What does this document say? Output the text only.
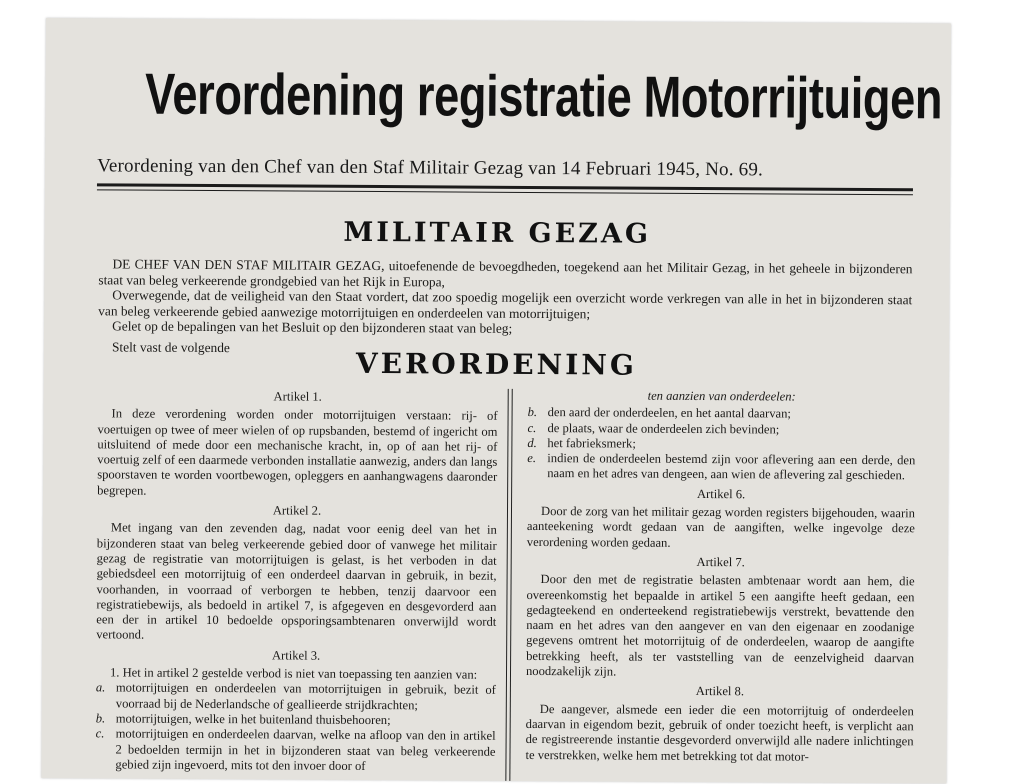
Verordening registratie Motorrijtuigen
Verordening van den Chef van den Staf Militair Gezag van 14 Februari 1945, No. 69.
MILITAIR GEZAG

DE CHEF VAN DEN STAF MILITAIR GEZAG, uitoefenende de bevoegdheden, toegekend aan het Militair Gezag, in het geheele in bijzonderen staat van beleg verkeerende grondgebied van het Rijk in Europa,

Overwegende, dat de veiligheid van den Staat vordert, dat zoo spoedig mogelijk een overzicht worde verkregen van alle in het in bijzonderen staat van beleg verkeerende gebied aanwezige motorrijtuigen en onderdeelen van motorrijtuigen;

Gelet op de bepalingen van het Besluit op den bijzonderen staat van beleg;

Stelt vast de volgende	VERORDENING
Artikel 1.

In deze verordening worden onder motorrijtuigen verstaan: rij- of voertuigen op twee of meer wielen of op rupsbanden, bestemd of ingericht om uitsluitend of mede door een mechanische kracht, in, op of aan het rij- of voertuig zelf of een daarmede verbonden installatie aanwezig, anders dan langs spoorstaven te worden voortbewogen, opleggers en aanhangwagens daaronder begrepen.

Artikel 2.

Met ingang van den zevenden dag, nadat voor eenig deel van het in bijzonderen staat van beleg verkeerende gebied door of vanwege het militair gezag de registratie van motorrijtuigen is gelast, is het verboden in dat gebiedsdeel een motorrijtuig of een onderdeel daarvan in gebruik, in bezit, voorhanden, in voorraad of verborgen te hebben, tenzij daarvoor een registratiebewijs, als bedoeld in artikel 7, is afgegeven en desgevorderd aan een der in artikel 10 bedoelde opsporingsambtenaren onverwijld wordt vertoond.

Artikel 3.

1. Het in artikel 2 gestelde verbod is niet van toepassing ten aanzien van:

a. motorrijtuigen en onderdeelen van motorrijtuigen in gebruik, bezit of voorraad bij de Nederlandsche of geallieerde strijdkrachten;
b. motorrijtuigen, welke in het buitenland thuisbehooren;
c. motorrijtuigen en onderdeelen daarvan, welke na afloop van den in artikel 2 bedoelden termijn in het in bijzonderen staat van beleg verkeerende gebied zijn ingevoerd, mits tot den invoer door of
ten aanzien van onderdeelen:
b. den aard der onderdeelen, en het aantal daarvan;
c. de plaats, waar de onderdeelen zich bevinden;
d. het fabrieksmerk;
e. indien de onderdeelen bestemd zijn voor aflevering aan een derde, den naam en het adres van dengeen, aan wien de aflevering zal geschieden.
Artikel 6.

Door de zorg van het militair gezag worden registers bijgehouden, waarin aanteekening wordt gedaan van de aangiften, welke ingevolge deze verordening worden gedaan.

Artikel 7.

Door den met de registratie belasten ambtenaar wordt aan hem, die overeenkomstig het bepaalde in artikel 5 een aangifte heeft gedaan, een gedagteekend en onderteekend registratiebewijs verstrekt, bevattende den naam en het adres van den aangever en van den eigenaar en zoodanige gegevens omtrent het motorrijtuig of de onderdeelen, waarop de aangifte betrekking heeft, als ter vaststelling van de eenzelvigheid daarvan noodzakelijk zijn.

Artikel 8.

De aangever, alsmede een ieder die een motorrijtuig of onderdeelen daarvan in eigendom bezit, gebruik of onder toezicht heeft, is verplicht aan de registreerende instantie desgevorderd onverwijld alle nadere inlichtingen te verstrekken, welke hem met betrekking tot dat motor-
